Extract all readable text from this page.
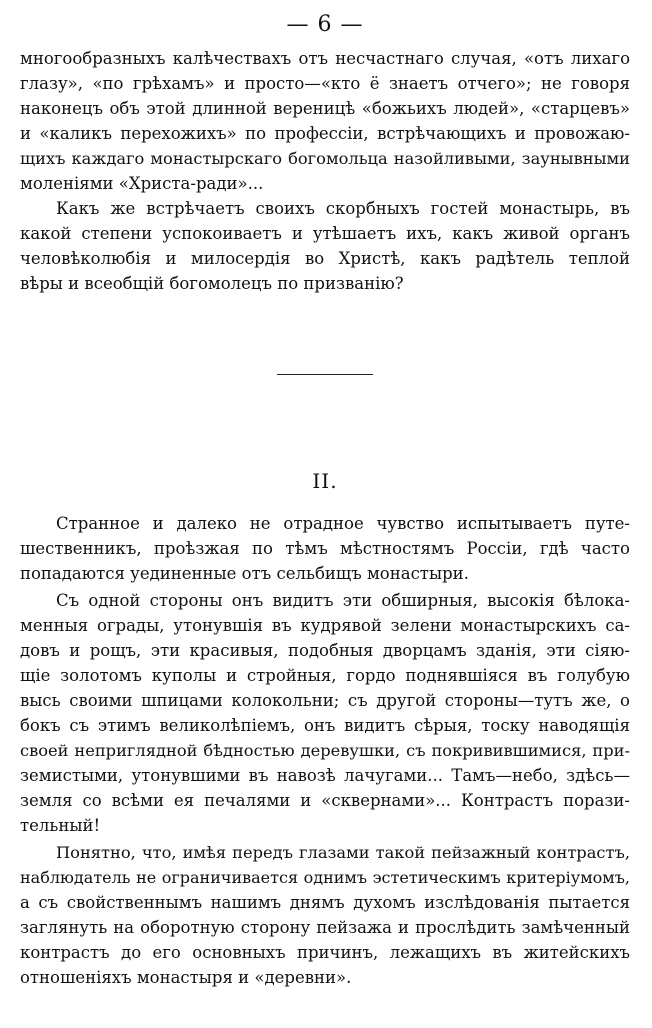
— 6 —

многообразныхъ калѣчествахъ отъ несчастнаго случая, «отъ лихаго
глазу», «по грѣхамъ» и просто—«кто ё знаетъ отчего»; не говоря
наконецъ объ этой длинной верениц‌ѣ «божьихъ людей», «старцевъ»
и «каликъ перехожихъ» по профессіи, встрѣчающихъ и провожаю-
щихъ каждаго монастырскаго богомольца назойливыми, заунывными
моленіями «Христа-ради»...

Какъ же встрѣчаетъ своихъ скорбныхъ гостей монастырь, въ
какой степени успокоиваетъ и утѣшаетъ ихъ, какъ живой органъ
человѣколюбія и милосердія во Христѣ, какъ радѣтель теплой
вѣры и всеобщій богомолецъ по призванію?

II.

Странное и далеко не отрадное чувство испытываетъ путе-
шественникъ, проѣзжая по тѣмъ мѣстностямъ Россіи, гдѣ часто
попадаются уединенные отъ сельбищъ монастыри.

Съ одной стороны онъ видитъ эти обширныя, высокія бѣлока-
менныя ограды, утонувшія въ кудрявой зелени монастырскихъ са-
довъ и рощъ, эти красивыя, подобныя дворцамъ зданія, эти сіяю-
щіе золотомъ куполы и стройныя, гордо поднявшіяся въ голубую
высь своими шпицами колокольни; съ другой стороны—тутъ же, о
бокъ съ этимъ великолѣпіемъ, онъ видитъ сѣрыя, тоску наводящія
своей неприглядной бѣдностью деревушки, съ покривившимися, при-
земистыми, утонувшими въ навозѣ лачугами... Тамъ—небо, здѣсь—
земля со всѣми ея печалями и «скверн‌ами»... Контрастъ порази-
тельный!

Понятно, что, имѣя передъ глазами такой пейзажный контрастъ,
наблюдатель не ограничивается однимъ эстетическимъ критеріумомъ,
а съ свойственнымъ нашимъ днямъ духомъ изслѣдованія пытается
заглянуть на оборотную сторону пейзажа и прослѣдить замѣченный
контрастъ до его основныхъ причинъ, лежащихъ въ житейскихъ
отношеніяхъ монастыря и «деревни».
